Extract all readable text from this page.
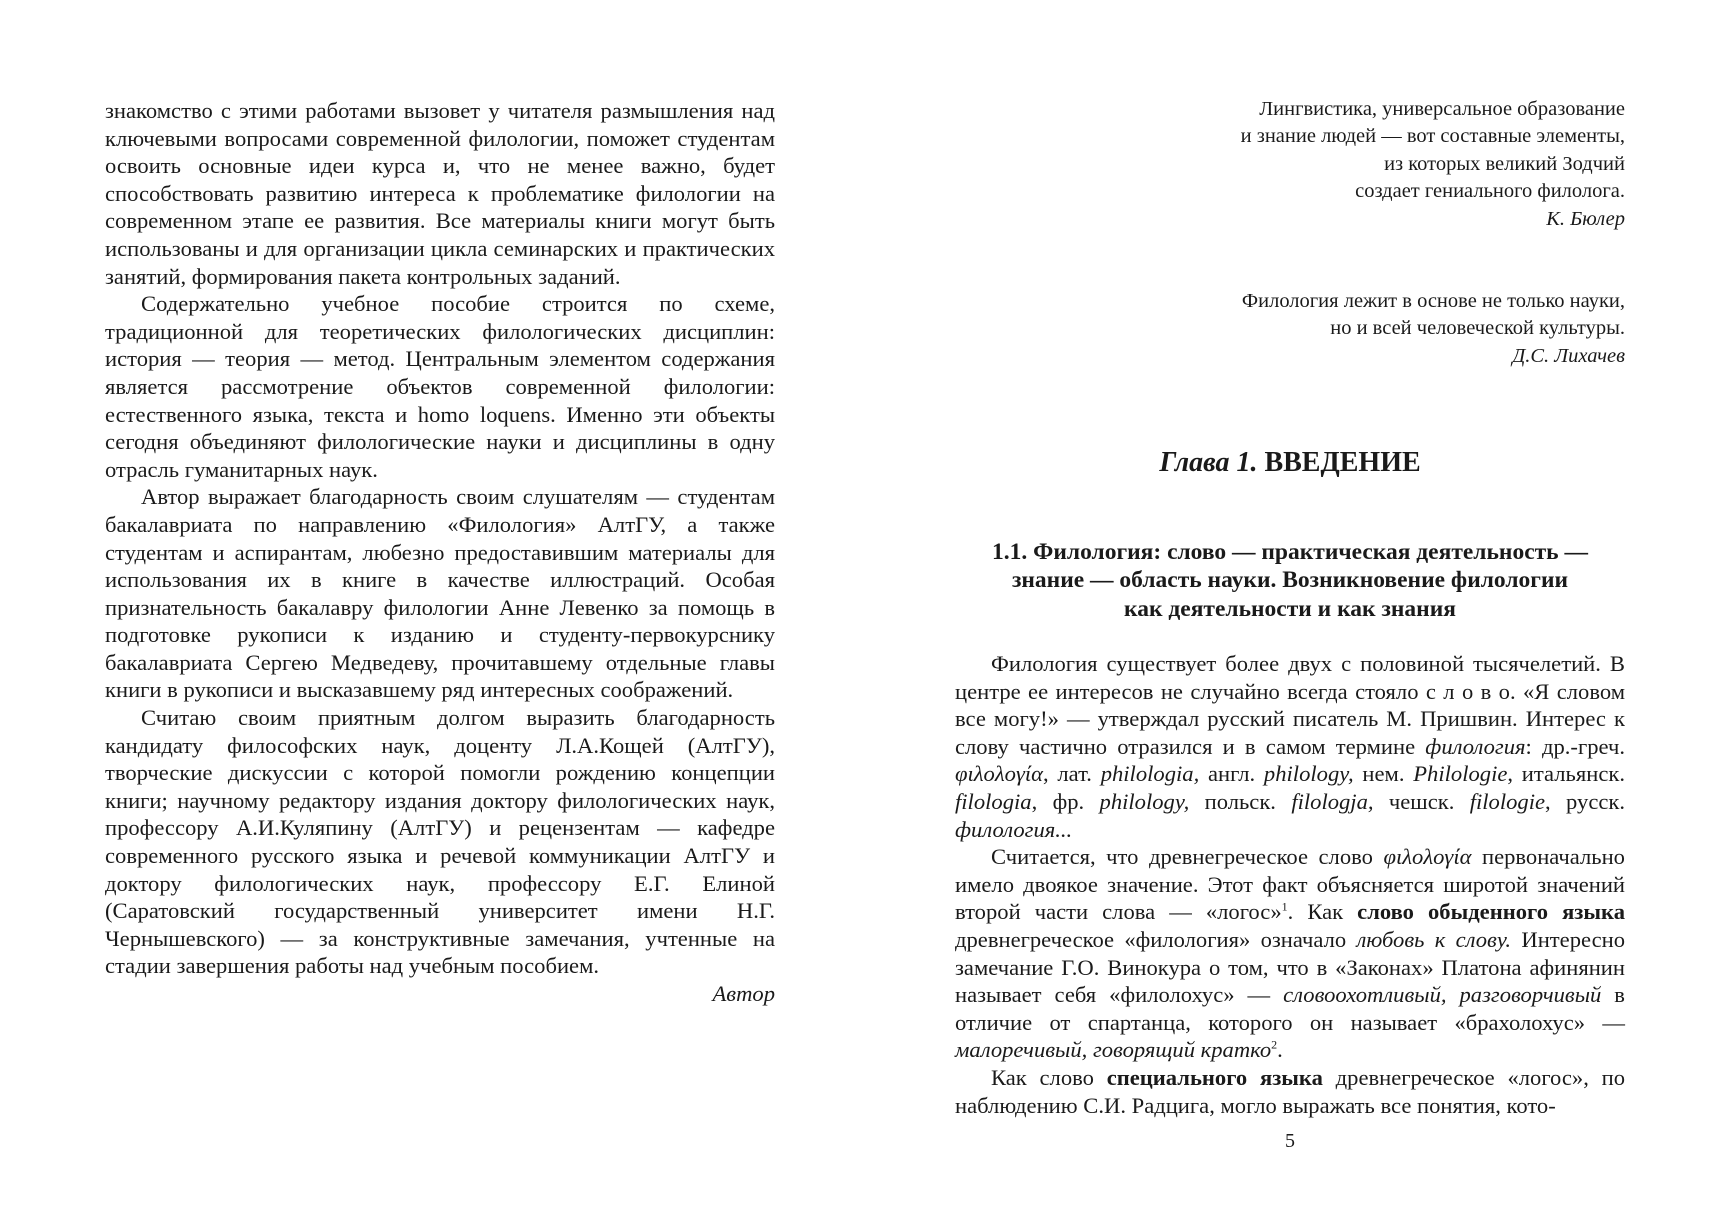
знакомство с этими работами вызовет у читателя размышления над ключевыми вопросами современной филологии, поможет студентам освоить основные идеи курса и, что не менее важно, будет способствовать развитию интереса к проблематике филологии на современном этапе ее развития. Все материалы книги могут быть использованы и для организации цикла семинарских и практических занятий, формирования пакета контрольных заданий.

Содержательно учебное пособие строится по схеме, традиционной для теоретических филологических дисциплин: история — теория — метод. Центральным элементом содержания является рассмотрение объектов современной филологии: естественного языка, текста и homo loquens. Именно эти объекты сегодня объединяют филологические науки и дисциплины в одну отрасль гуманитарных наук.

Автор выражает благодарность своим слушателям — студентам бакалавриата по направлению «Филология» АлтГУ, а также студентам и аспирантам, любезно предоставившим материалы для использования их в книге в качестве иллюстраций. Особая признательность бакалавру филологии Анне Левенко за помощь в подготовке рукописи к изданию и студенту-первокурснику бакалавриата Сергею Медведеву, прочитавшему отдельные главы книги в рукописи и высказавшему ряд интересных соображений.

Считаю своим приятным долгом выразить благодарность кандидату философских наук, доценту Л.А.Кощей (АлтГУ), творческие дискуссии с которой помогли рождению концепции книги; научному редактору издания доктору филологических наук, профессору А.И.Куляпину (АлтГУ) и рецензентам — кафедре современного русского языка и речевой коммуникации АлтГУ и доктору филологических наук, профессору Е.Г. Елиной (Саратовский государственный университет имени Н.Г. Чернышевского) — за конструктивные замечания, учтенные на стадии завершения работы над учебным пособием.

Автор

Лингвистика, универсальное образование
и знание людей — вот составные элементы,
из которых великий Зодчий
создает гениального филолога.
К. Бюлер
Филология лежит в основе не только науки,
но и всей человеческой культуры.
Д.С. Лихачев
Глава 1. ВВЕДЕНИЕ
1.1. Филология: слово — практическая деятельность —
знание — область науки. Возникновение филологии
как деятельности и как знания

Филология существует более двух с половиной тысячелетий. В центре ее интересов не случайно всегда стояло с л о в о. «Я словом все могу!» — утверждал русский писатель М. Пришвин. Интерес к слову частично отразился и в самом термине филология: др.-греч. φιλολογία, лат. philologia, англ. philology, нем. Philologie, итальянск. filologia, фр. philology, польск. filologja, чешск. filologie, русск. филология...

Считается, что древнегреческое слово φιλολογία первоначально имело двоякое значение. Этот факт объясняется широтой значений второй части слова — «логос»$^1$. Как слово обыденного языка древнегреческое «филология» означало любовь к слову. Интересно замечание Г.О. Винокура о том, что в «Законах» Платона афинянин называет себя «филолохус» — словоохотливый, разговорчивый в отличие от спартанца, которого он называет «брахолохус» — малоречивый, говорящий кратко$^2$.

Как слово специального языка древнегреческое «логос», по наблюдению С.И. Радцига, могло выражать все понятия, кото-

5
